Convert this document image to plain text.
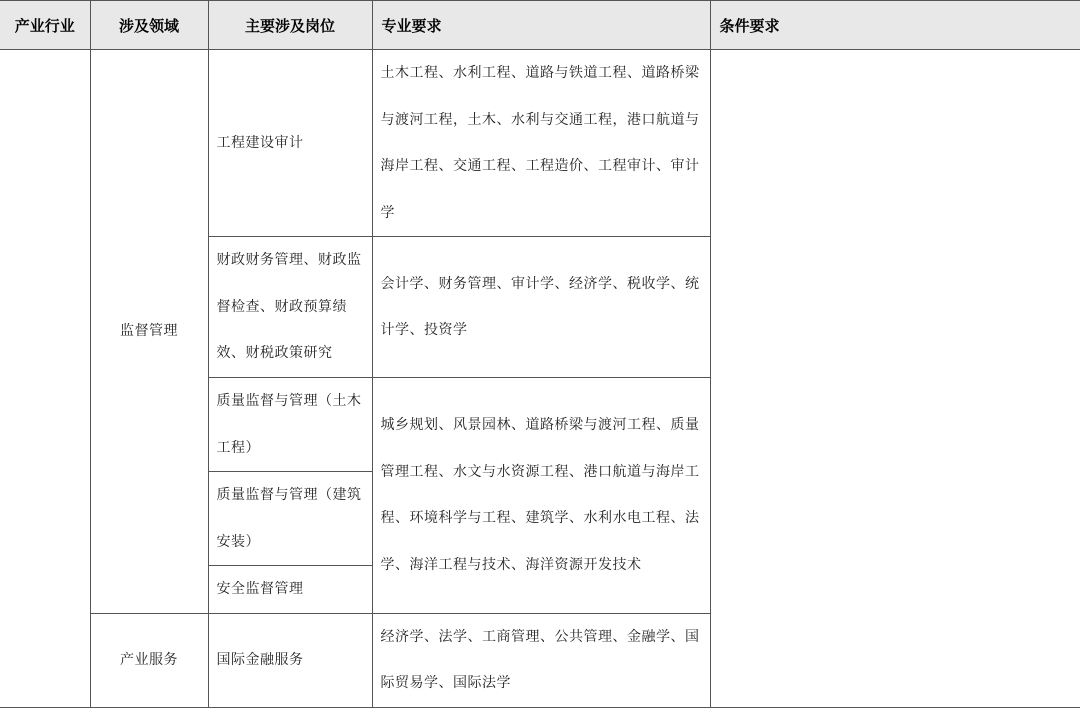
产业行业	涉及领域	主要涉及岗位	专业要求	条件要求
	监督管理	工程建设审计	土木工程、水利工程、道路与铁道工程、道路桥梁与渡河工程，土木、水利与交通工程，港口航道与海岸工程、交通工程、工程造价、工程审计、审计学	
		财政财务管理、财政监督检查、财政预算绩效、财税政策研究	会计学、财务管理、审计学、经济学、税收学、统计学、投资学	
		质量监督与管理（土木工程）	城乡规划、风景园林、道路桥梁与渡河工程、质量管理工程、水文与水资源工程、港口航道与海岸工程、环境科学与工程、建筑学、水利水电工程、法学、海洋工程与技术、海洋资源开发技术	
		质量监督与管理（建筑安装）		
		安全监督管理		
	产业服务	国际金融服务	经济学、法学、工商管理、公共管理、金融学、国际贸易学、国际法学	
